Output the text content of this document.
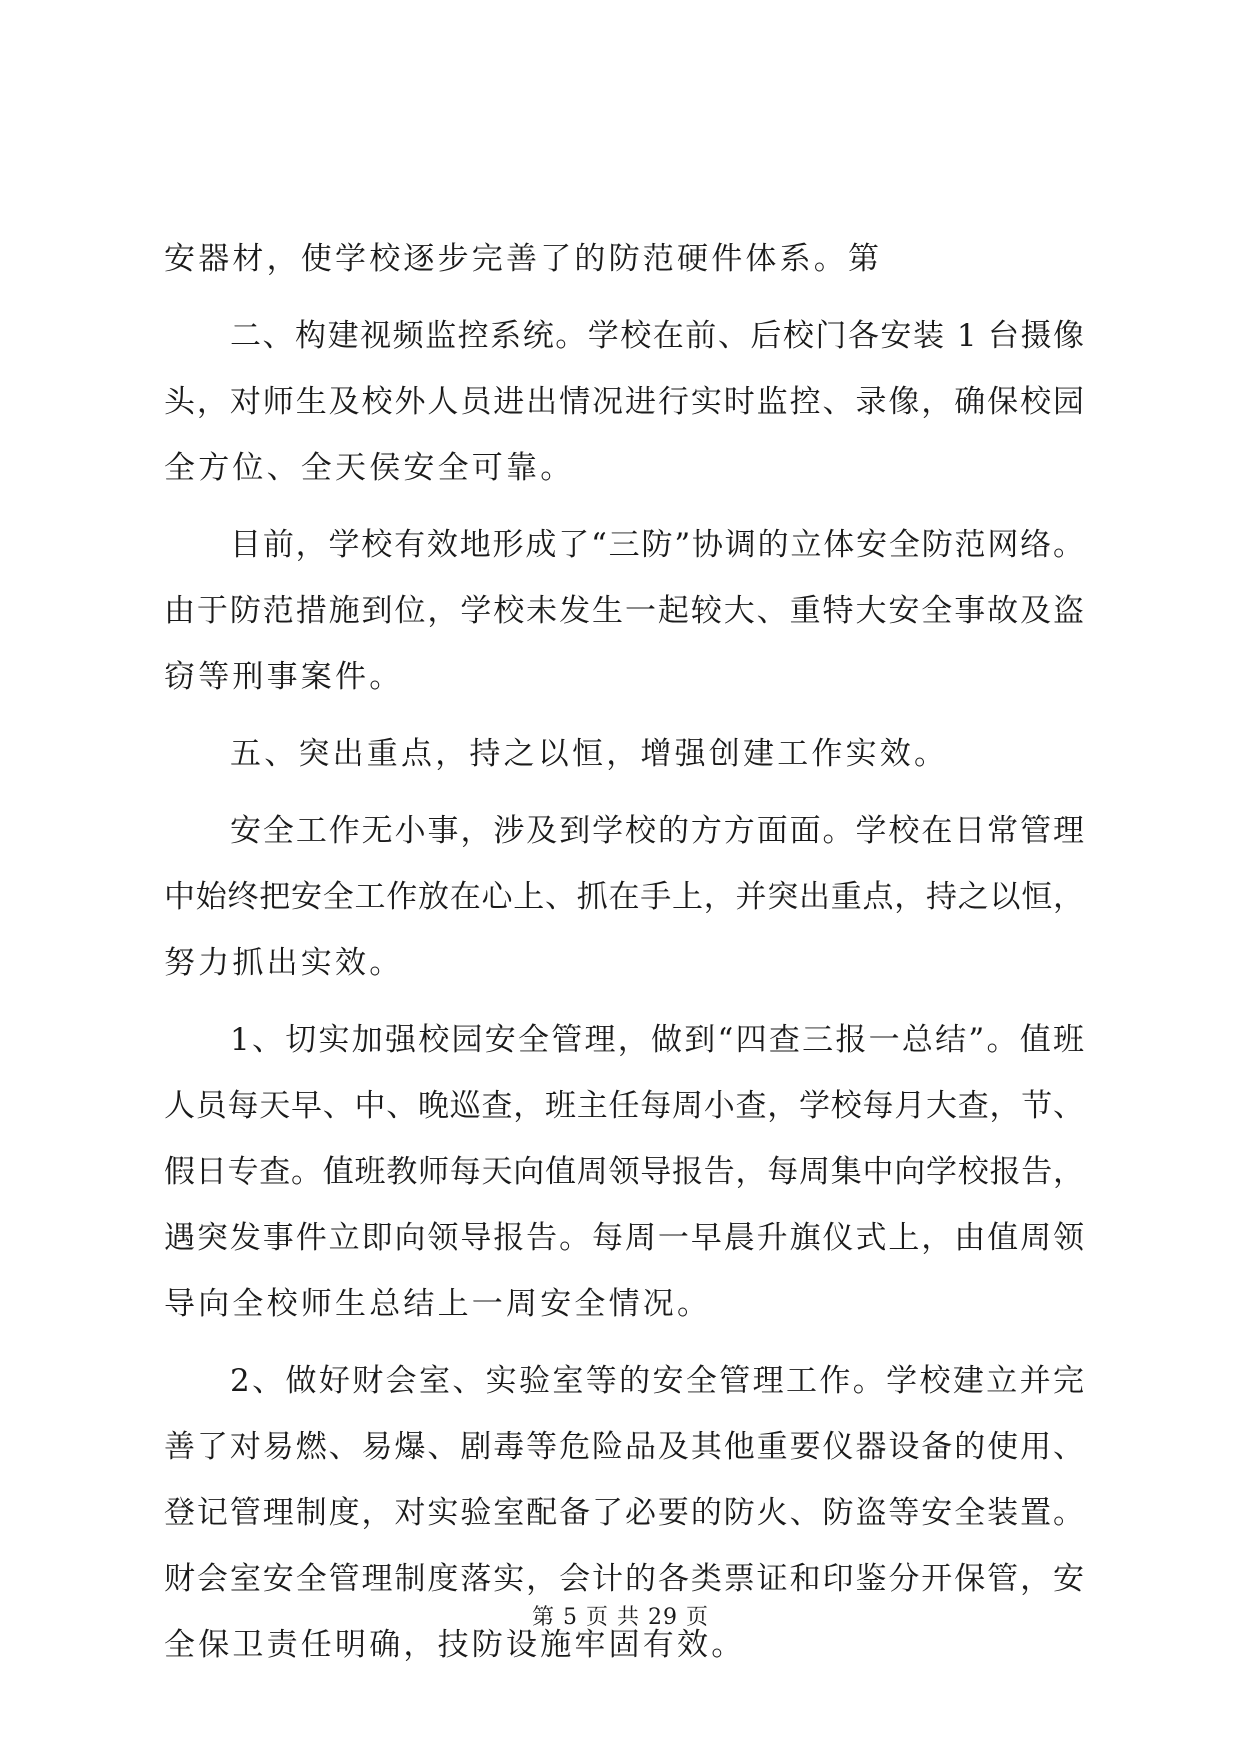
安器材，使学校逐步完善了的防范硬件体系。第
二、构建视频监控系统。学校在前、后校门各安装 1 台摄像
头，对师生及校外人员进出情况进行实时监控、录像，确保校园
全方位、全天侯安全可靠。
目前，学校有效地形成了“三防”协调的立体安全防范网络。
由于防范措施到位，学校未发生一起较大、重特大安全事故及盗
窃等刑事案件。
五、突出重点，持之以恒，增强创建工作实效。
安全工作无小事，涉及到学校的方方面面。学校在日常管理
中始终把安全工作放在心上、抓在手上，并突出重点，持之以恒，
努力抓出实效。
1、切实加强校园安全管理，做到“四查三报一总结”。值班
人员每天早、中、晚巡查，班主任每周小查，学校每月大查，节、
假日专查。值班教师每天向值周领导报告，每周集中向学校报告，
遇突发事件立即向领导报告。每周一早晨升旗仪式上，由值周领
导向全校师生总结上一周安全情况。
2、做好财会室、实验室等的安全管理工作。学校建立并完
善了对易燃、易爆、剧毒等危险品及其他重要仪器设备的使用、
登记管理制度，对实验室配备了必要的防火、防盗等安全装置。
财会室安全管理制度落实，会计的各类票证和印鉴分开保管，安
全保卫责任明确，技防设施牢固有效。
第 5 页 共 29 页
